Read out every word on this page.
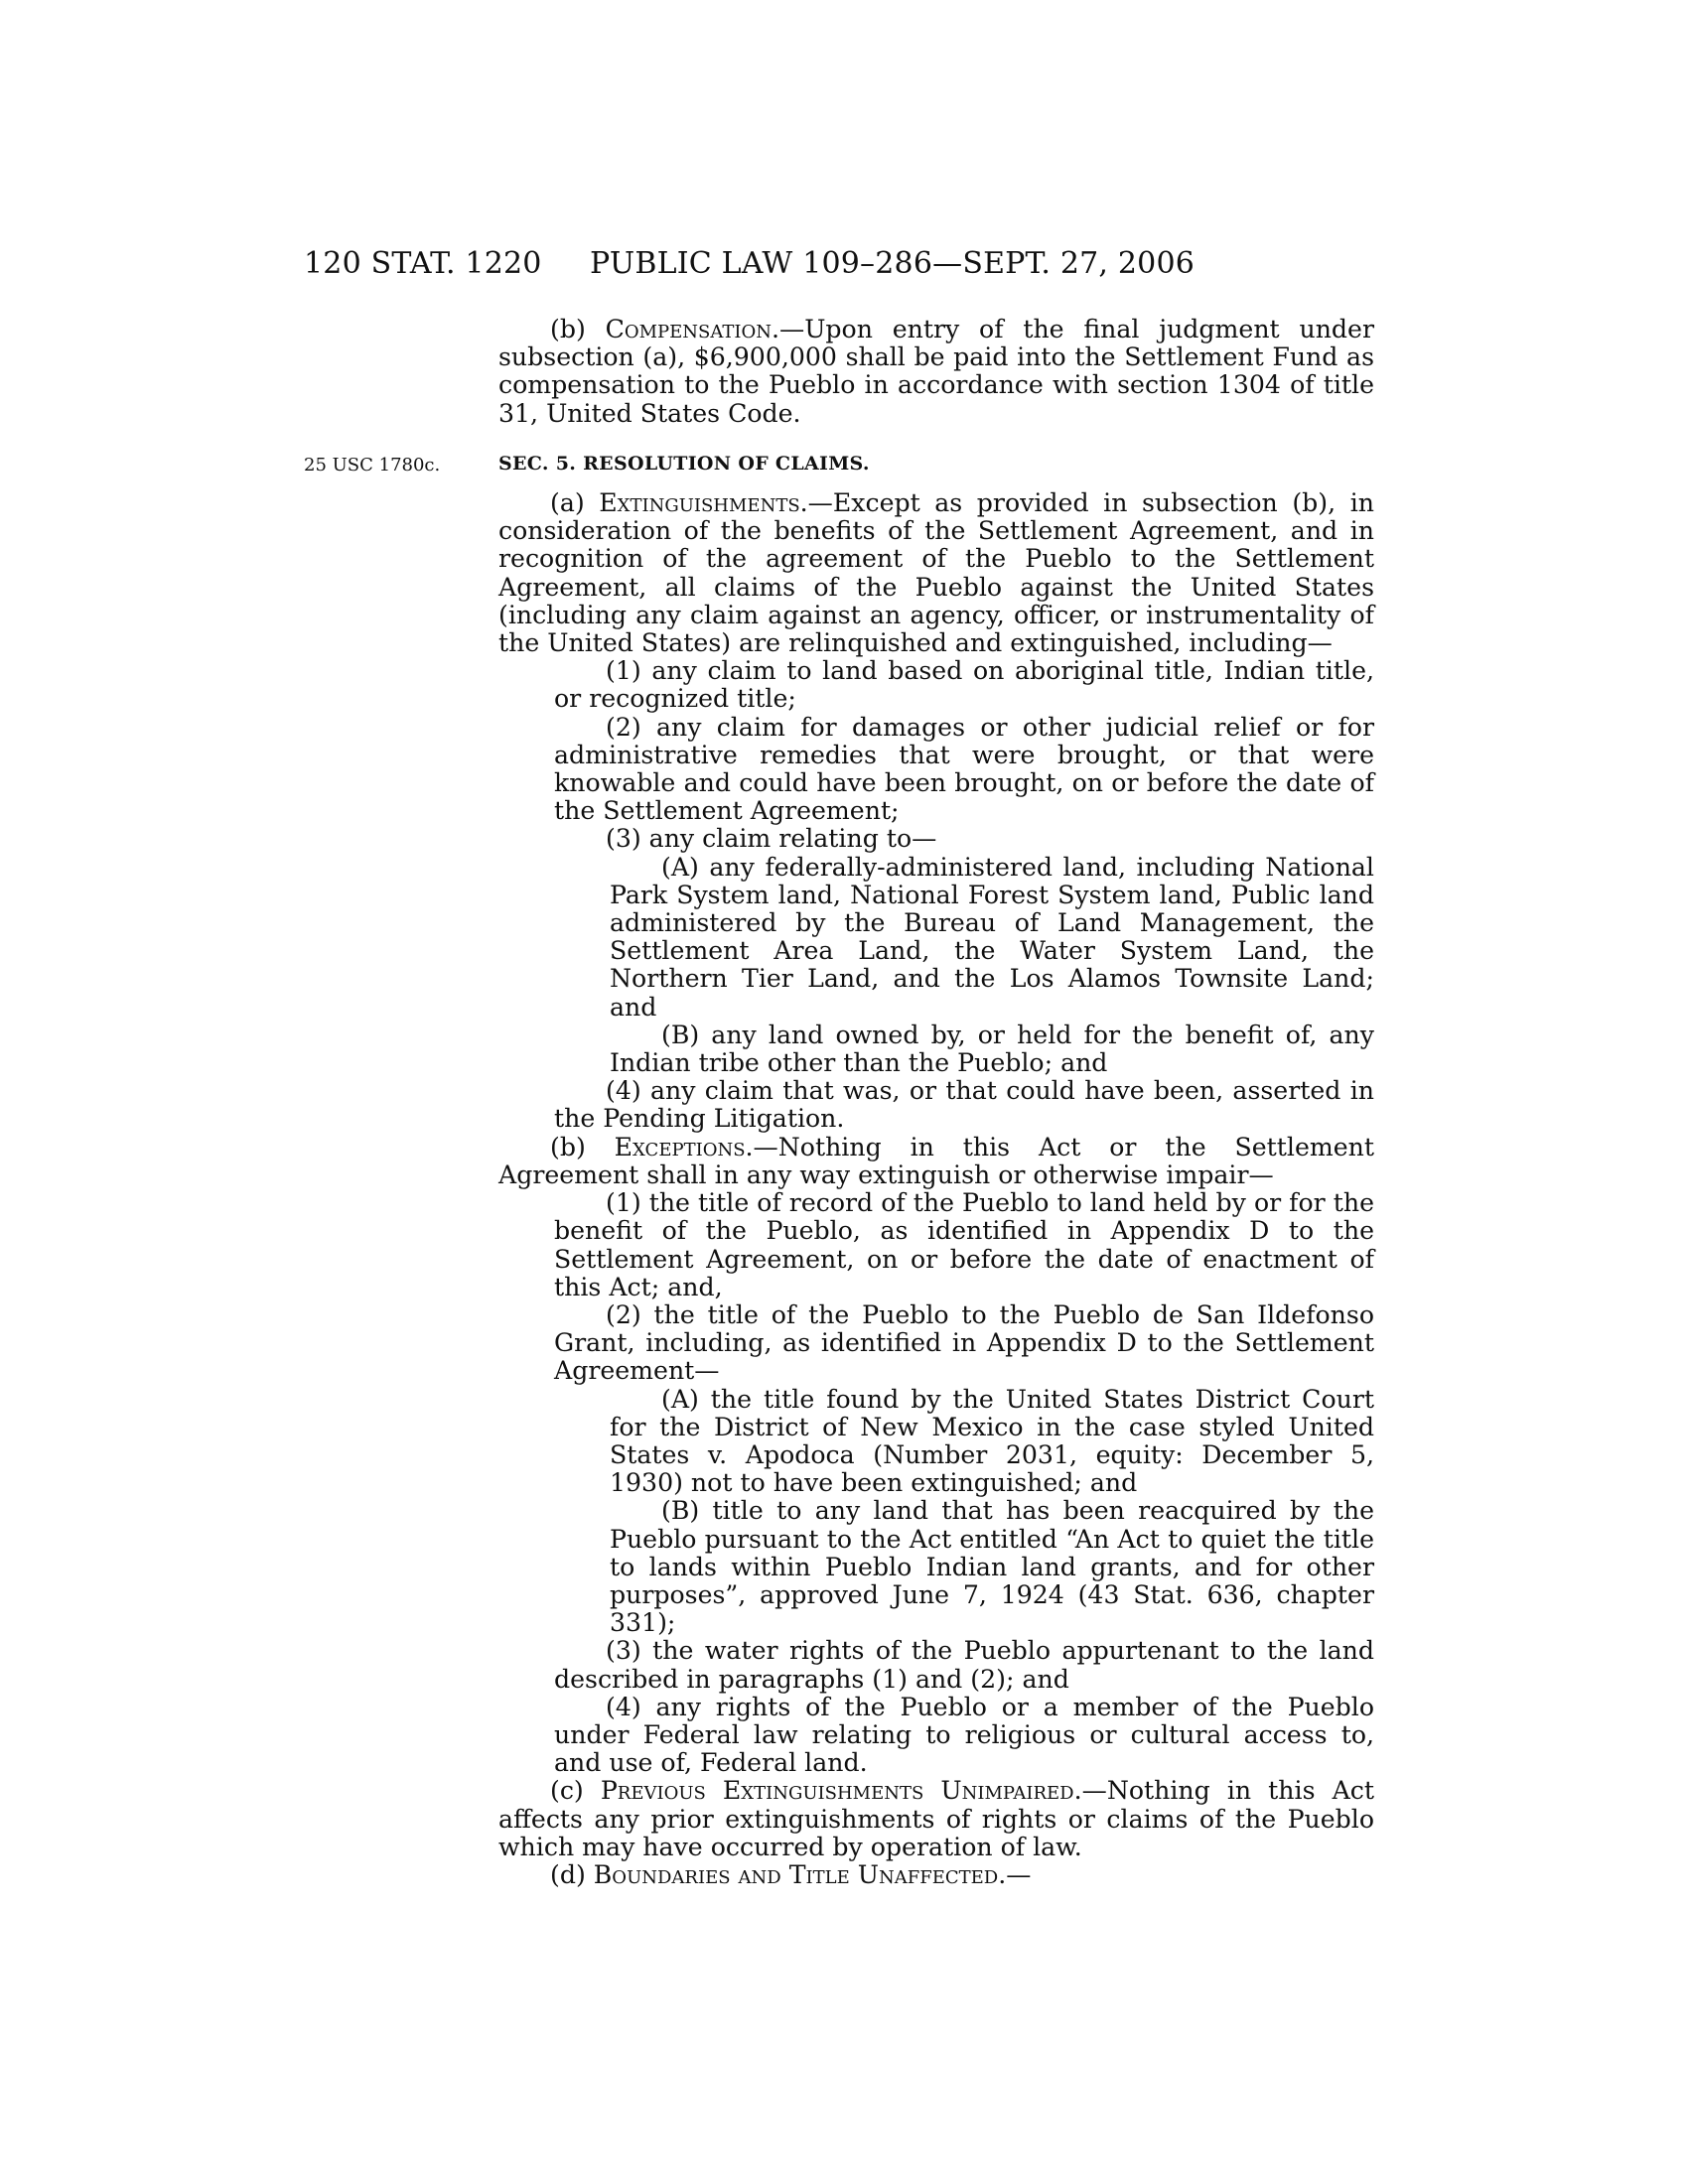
120 STAT. 1220 PUBLIC LAW 109–286—SEPT. 27, 2006
25 USC 1780c.

(b) Compensation.—Upon entry of the final judgment under subsection (a), $6,900,000 shall be paid into the Settlement Fund as compensation to the Pueblo in accordance with section 1304 of title 31, United States Code.

SEC. 5. RESOLUTION OF CLAIMS.

(a) Extinguishments.—Except as provided in subsection (b), in consideration of the benefits of the Settlement Agreement, and in recognition of the agreement of the Pueblo to the Settlement Agreement, all claims of the Pueblo against the United States (including any claim against an agency, officer, or instrumentality of the United States) are relinquished and extinguished, including—

(1) any claim to land based on aboriginal title, Indian title, or recognized title;

(2) any claim for damages or other judicial relief or for administrative remedies that were brought, or that were knowable and could have been brought, on or before the date of the Settlement Agreement;

(3) any claim relating to—

(A) any federally-administered land, including National Park System land, National Forest System land, Public land administered by the Bureau of Land Management, the Settlement Area Land, the Water System Land, the Northern Tier Land, and the Los Alamos Townsite Land; and

(B) any land owned by, or held for the benefit of, any Indian tribe other than the Pueblo; and

(4) any claim that was, or that could have been, asserted in the Pending Litigation.

(b) Exceptions.—Nothing in this Act or the Settlement Agreement shall in any way extinguish or otherwise impair—

(1) the title of record of the Pueblo to land held by or for the benefit of the Pueblo, as identified in Appendix D to the Settlement Agreement, on or before the date of enactment of this Act; and,

(2) the title of the Pueblo to the Pueblo de San Ildefonso Grant, including, as identified in Appendix D to the Settlement Agreement—

(A) the title found by the United States District Court for the District of New Mexico in the case styled United States v. Apodoca (Number 2031, equity: December 5, 1930) not to have been extinguished; and

(B) title to any land that has been reacquired by the Pueblo pursuant to the Act entitled “An Act to quiet the title to lands within Pueblo Indian land grants, and for other purposes”, approved June 7, 1924 (43 Stat. 636, chapter 331);

(3) the water rights of the Pueblo appurtenant to the land described in paragraphs (1) and (2); and

(4) any rights of the Pueblo or a member of the Pueblo under Federal law relating to religious or cultural access to, and use of, Federal land.

(c) Previous Extinguishments Unimpaired.—Nothing in this Act affects any prior extinguishments of rights or claims of the Pueblo which may have occurred by operation of law.

(d) Boundaries and Title Unaffected.—
